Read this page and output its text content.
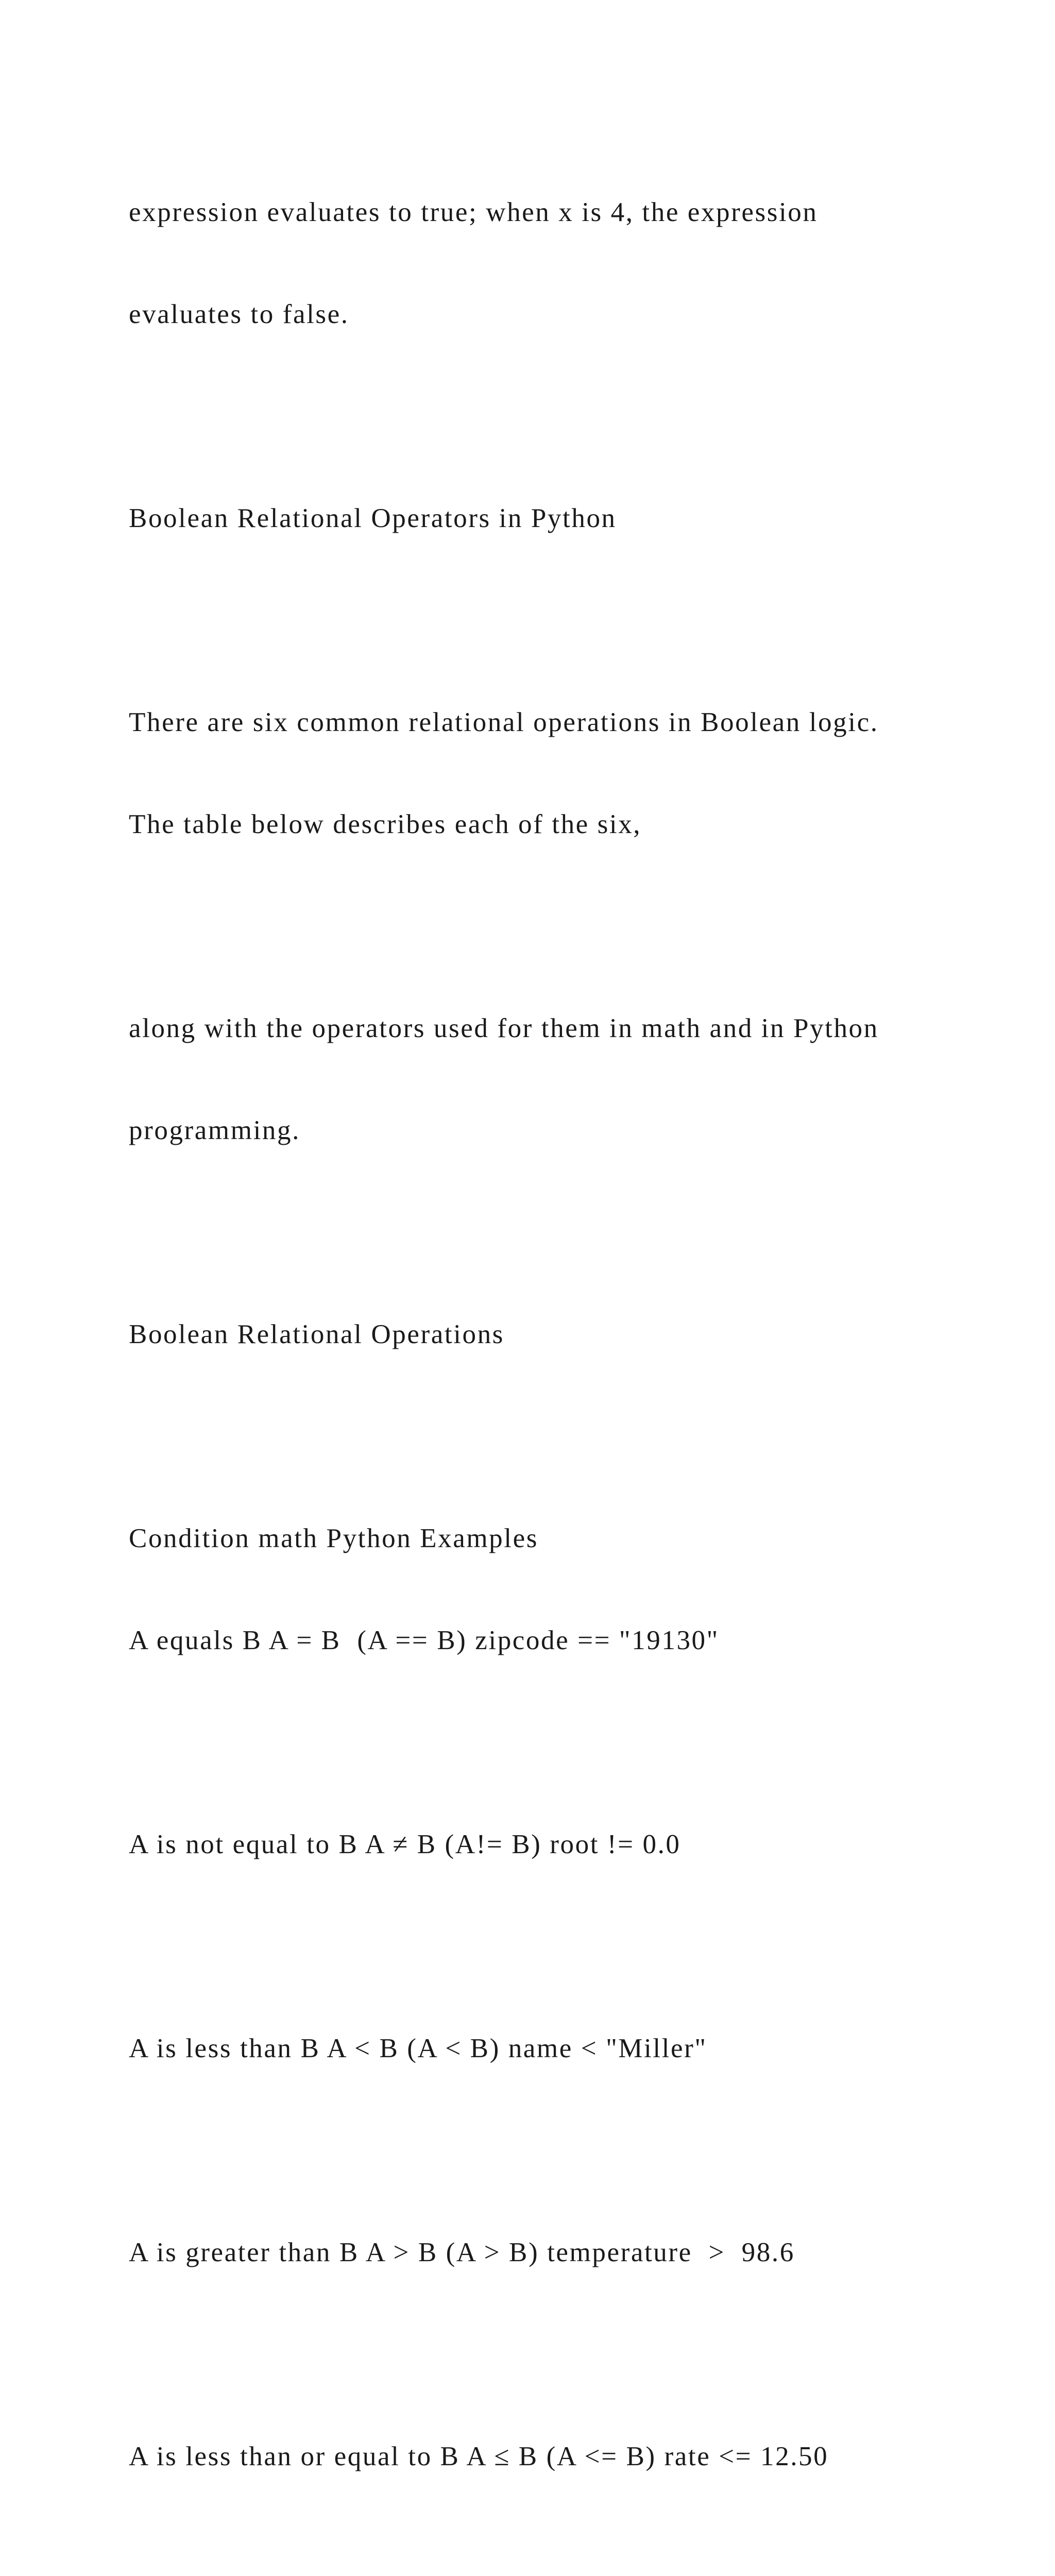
expression evaluates to true; when x is 4, the expression

evaluates to false.

Boolean Relational Operators in Python

There are six common relational operations in Boolean logic.

The table below describes each of the six,

along with the operators used for them in math and in Python

programming.

Boolean Relational Operations

Condition math Python Examples

A equals B A = B  (A == B) zipcode == "19130"

A is not equal to B A ≠ B (A!= B) root != 0.0

A is less than B A < B (A < B) name < "Miller"

A is greater than B A > B (A > B) temperature  >  98.6

A is less than or equal to B A ≤ B (A <= B) rate <= 12.50
